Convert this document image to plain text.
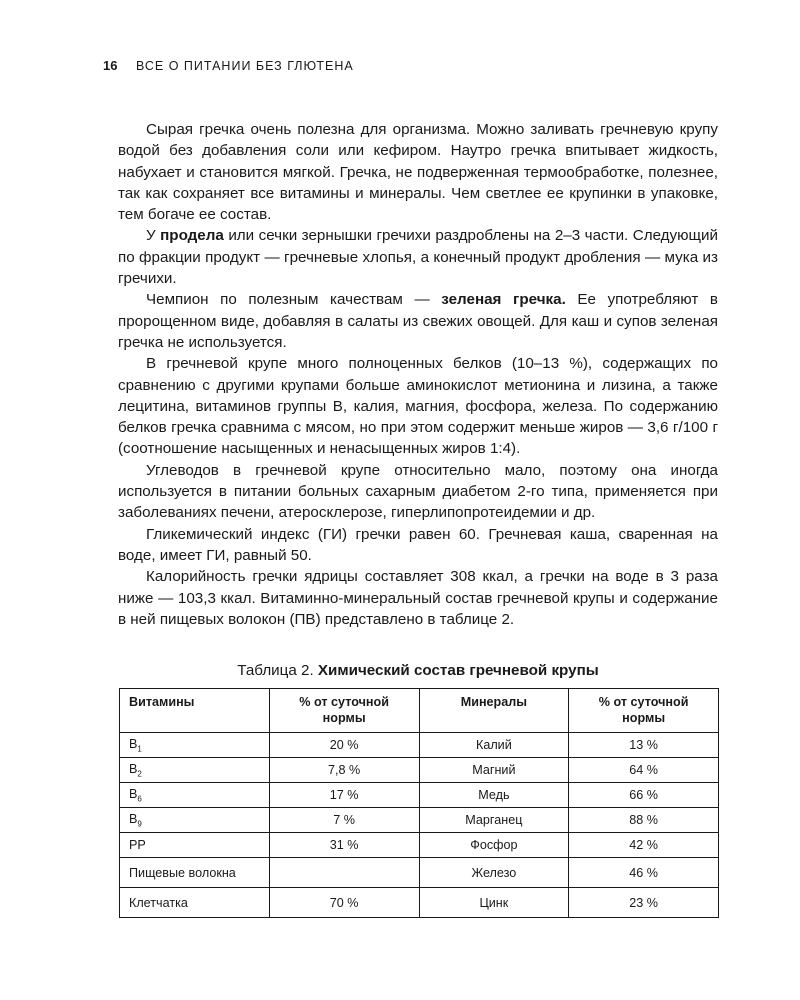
16 ВСЕ О ПИТАНИИ БЕЗ ГЛЮТЕНА

Сырая гречка очень полезна для организма. Можно заливать гречневую крупу водой без добавления соли или кефиром. Наутро гречка впитывает жидкость, набухает и становится мягкой. Гречка, не подверженная термообработке, полезнее, так как сохраняет все витамины и минералы. Чем светлее ее крупинки в упаковке, тем богаче ее состав.

У продела или сечки зернышки гречихи раздроблены на 2–3 части. Следующий по фракции продукт — гречневые хлопья, а конечный продукт дробления — мука из гречихи.

Чемпион по полезным качествам — зеленая гречка. Ее употребляют в пророщенном виде, добавляя в салаты из свежих овощей. Для каш и супов зеленая гречка не используется.

В гречневой крупе много полноценных белков (10–13 %), содержащих по сравнению с другими крупами больше аминокислот метионина и лизина, а также лецитина, витаминов группы B, калия, магния, фосфора, железа. По содержанию белков гречка сравнима с мясом, но при этом содержит меньше жиров — 3,6 г/100 г (соотношение насыщенных и ненасыщенных жиров 1:4).

Углеводов в гречневой крупе относительно мало, поэтому она иногда используется в питании больных сахарным диабетом 2-го типа, применяется при заболеваниях печени, атеросклерозе, гиперлипопротеидемии и др.

Гликемический индекс (ГИ) гречки равен 60. Гречневая каша, сваренная на воде, имеет ГИ, равный 50.

Калорийность гречки ядрицы составляет 308 ккал, а гречки на воде в 3 раза ниже — 103,3 ккал. Витаминно-минеральный состав гречневой крупы и содержание в ней пищевых волокон (ПВ) представлено в таблице 2.

Таблица 2. Химический состав гречневой крупы
Витамины	% от суточной нормы	Минералы	% от суточной нормы
$B_1$	20 %	Калий	13 %
$B_2$	7,8 %	Магний	64 %
$B_6$	17 %	Медь	66 %
$B_9$	7 %	Марганец	88 %
PP	31 %	Фосфор	42 %
Пищевые волокна		Железо	46 %
Клетчатка	70 %	Цинк	23 %
